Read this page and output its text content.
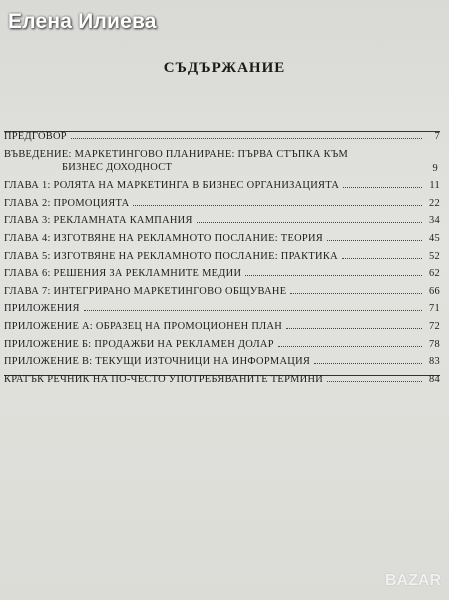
Елена Илиева
СЪДЪРЖАНИЕ
ПРЕДГОВОР	7
ВЪВЕДЕНИЕ: МАРКЕТИНГОВО ПЛАНИРАНЕ: ПЪРВА СТЪПКА КЪМ
БИЗНЕС ДОХОДНОСТ	9
ГЛАВА 1: РОЛЯТА НА МАРКЕТИНГА В БИЗНЕС ОРГАНИЗАЦИЯТА	11
ГЛАВА 2: ПРОМОЦИЯТА	22
ГЛАВА 3: РЕКЛАМНАТА КАМПАНИЯ	34
ГЛАВА 4: ИЗГОТВЯНЕ НА РЕКЛАМНОТО ПОСЛАНИЕ: ТЕОРИЯ	45
ГЛАВА 5: ИЗГОТВЯНЕ НА РЕКЛАМНОТО ПОСЛАНИЕ: ПРАКТИКА	52
ГЛАВА 6: РЕШЕНИЯ ЗА РЕКЛАМНИТЕ МЕДИИ	62
ГЛАВА 7: ИНТЕГРИРАНО МАРКЕТИНГОВО ОБЩУВАНЕ	66
ПРИЛОЖЕНИЯ	71
ПРИЛОЖЕНИЕ А: ОБРАЗЕЦ НА ПРОМОЦИОНЕН ПЛАН	72
ПРИЛОЖЕНИЕ Б: ПРОДАЖБИ НА РЕКЛАМЕН ДОЛАР	78
ПРИЛОЖЕНИЕ В: ТЕКУЩИ ИЗТОЧНИЦИ НА ИНФОРМАЦИЯ	83
КРАТЪК РЕЧНИК НА ПО-ЧЕСТО УПОТРЕБЯВАНИТЕ ТЕРМИНИ	84
BAZAR
